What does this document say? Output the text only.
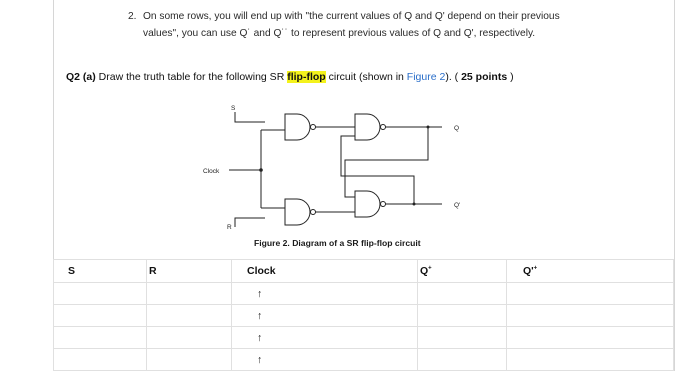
2. On some rows, you will end up with "the current values of Q and Q' depend on their previous values", you can use Q˙ and Q˙˙ to represent previous values of Q and Q', respectively.
Q2 (a) Draw the truth table for the following SR flip-flop circuit (shown in Figure 2). ( 25 points )
S
R
Clock
Q
Q'
Figure 2. Diagram of a SR flip-flop circuit
S	R	Clock	Q+	Q'+
		↑		
		↑		
		↑		
		↑		
